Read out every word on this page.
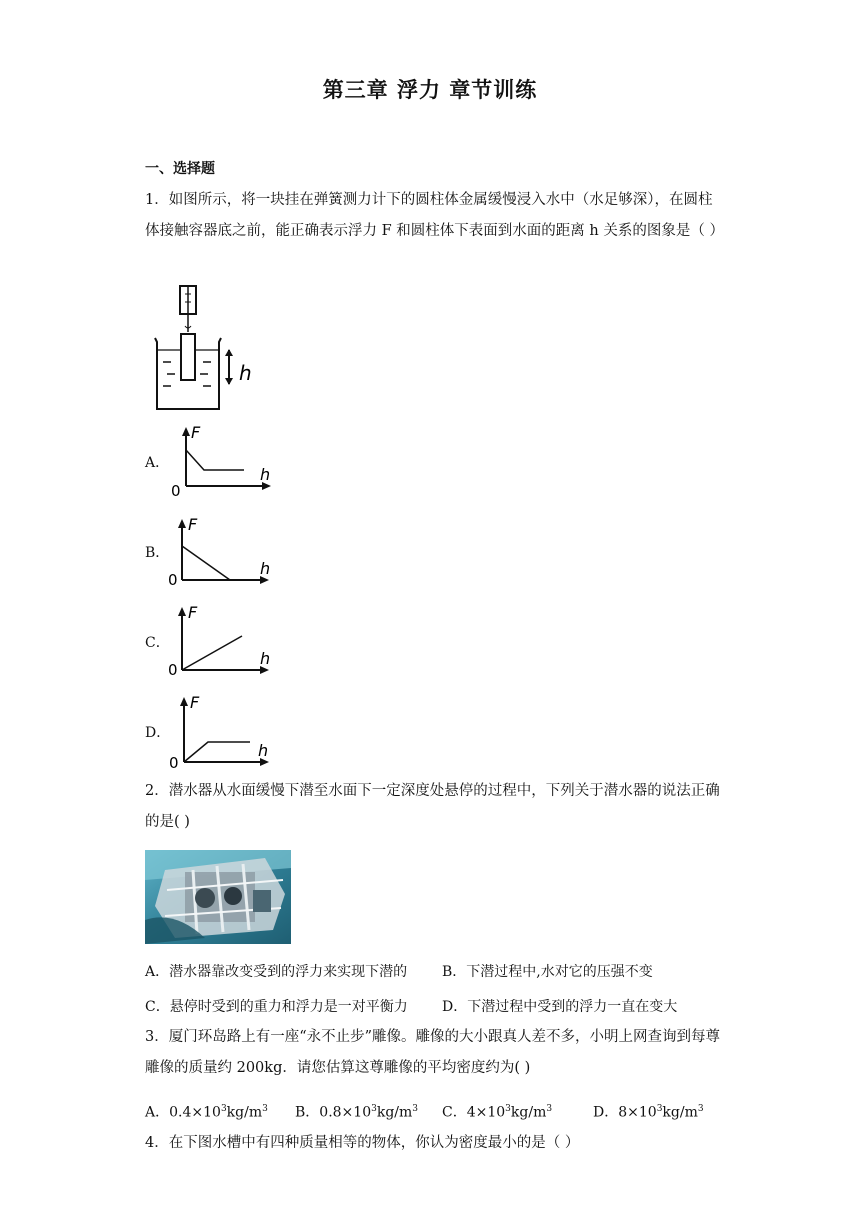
第三章 浮力 章节训练
一、选择题
1．如图所示，将一块挂在弹簧测力计下的圆柱体金属缓慢浸入水中（水足够深），在圆柱体接触容器底之前，能正确表示浮力 F 和圆柱体下表面到水面的距离 h 关系的图象是（ ）
h
A．
F
h
0
B．
F
h
0
C．
F
h
0
D．
F
h
0
2．潜水器从水面缓慢下潜至水面下一定深度处悬停的过程中，下列关于潜水器的说法正确的是( )
A．潜水器靠改变受到的浮力来实现下潜的 B．下潜过程中,水对它的压强不变
C．悬停时受到的重力和浮力是一对平衡力 D．下潜过程中受到的浮力一直在变大
3．厦门环岛路上有一座“永不止步”雕像。雕像的大小跟真人差不多，小明上网查询到每尊雕像的质量约 200kg．请您估算这尊雕像的平均密度约为( )
A．$0.4\times 10^3kg/m^3$ B．$0.8\times 10^3kg/m^3$ C．$4\times 10^3kg/m^3$	D．$8\times 10^3kg/m^3$
4．在下图水槽中有四种质量相等的物体，你认为密度最小的是（ ）
